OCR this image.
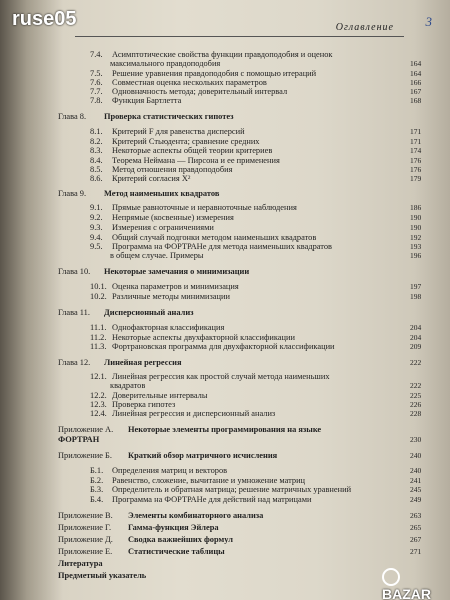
Оглавление 3
7.4. Асимптотические свойства функции правдоподобия и оценок
максимального правдоподобия	164
7.5. Решение уравнения правдоподобия с помощью итераций	164
7.6. Совместная оценка нескольких параметров	166
7.7. Одновначность метода; доверительный интервал	167
7.8. Функция Бартлетта	168
Глава 8. Проверка статистических гипотез
8.1. Критерий F для равенства дисперсий	171
8.2. Критерий Стьюдента; сравнение средних	171
8.3. Некоторые аспекты общей теории критериев	174
8.4. Теорема Неймана — Пирсона и ее применения	176
8.5. Метод отношения правдоподобия	176
8.6. Критерий согласия X²	179
Глава 9. Метод наименьших квадратов
9.1. Прямые равноточные и неравноточные наблюдения	186
9.2. Непрямые (косвенные) измерения	190
9.3. Измерения с ограничениями	190
9.4. Общий случай подгонки методом наименьших квадратов	192
9.5. Программа на ФОРТРАНе для метода наименьших квадратов	193
в общем случае. Примеры	196
Глава 10. Некоторые замечания о минимизации
10.1. Оценка параметров и минимизация	197
10.2. Различные методы минимизации	198
Глава 11. Дисперсионный анализ
11.1. Однофакторная классификация	204
11.2. Некоторые аспекты двухфакторной классификации	204
11.3. Фортрановская программа для двухфакторной классификации	209
Глава 12. Линейная регрессия	222
12.1. Линейная регрессия как простой случай метода наименьших
квадратов	222
12.2. Доверительные интервалы	225
12.3. Проверка гипотез	226
12.4. Линейная регрессия и дисперсионный анализ	228
Приложение А. Некоторые элементы программирования на языке
ФОРТРАН	230
Приложение Б. Краткий обзор матричного исчисления	240
Б.1. Определения матриц и векторов	240
Б.2. Равенство, сложение, вычитание и умножение матриц	241
Б.3. Определитель и обратная матрица; решение матричных уравнений	245
Б.4. Программа на ФОРТРАНе для действий над матрицами	249
Приложение В. Элементы комбинаторного анализа	263
Приложение Г. Гамма-функция Эйлера	265
Приложение Д. Сводка важнейших формул	267
Приложение Е. Статистические таблицы	271
Литература
Предметный указатель
ruse05
BAZAR
